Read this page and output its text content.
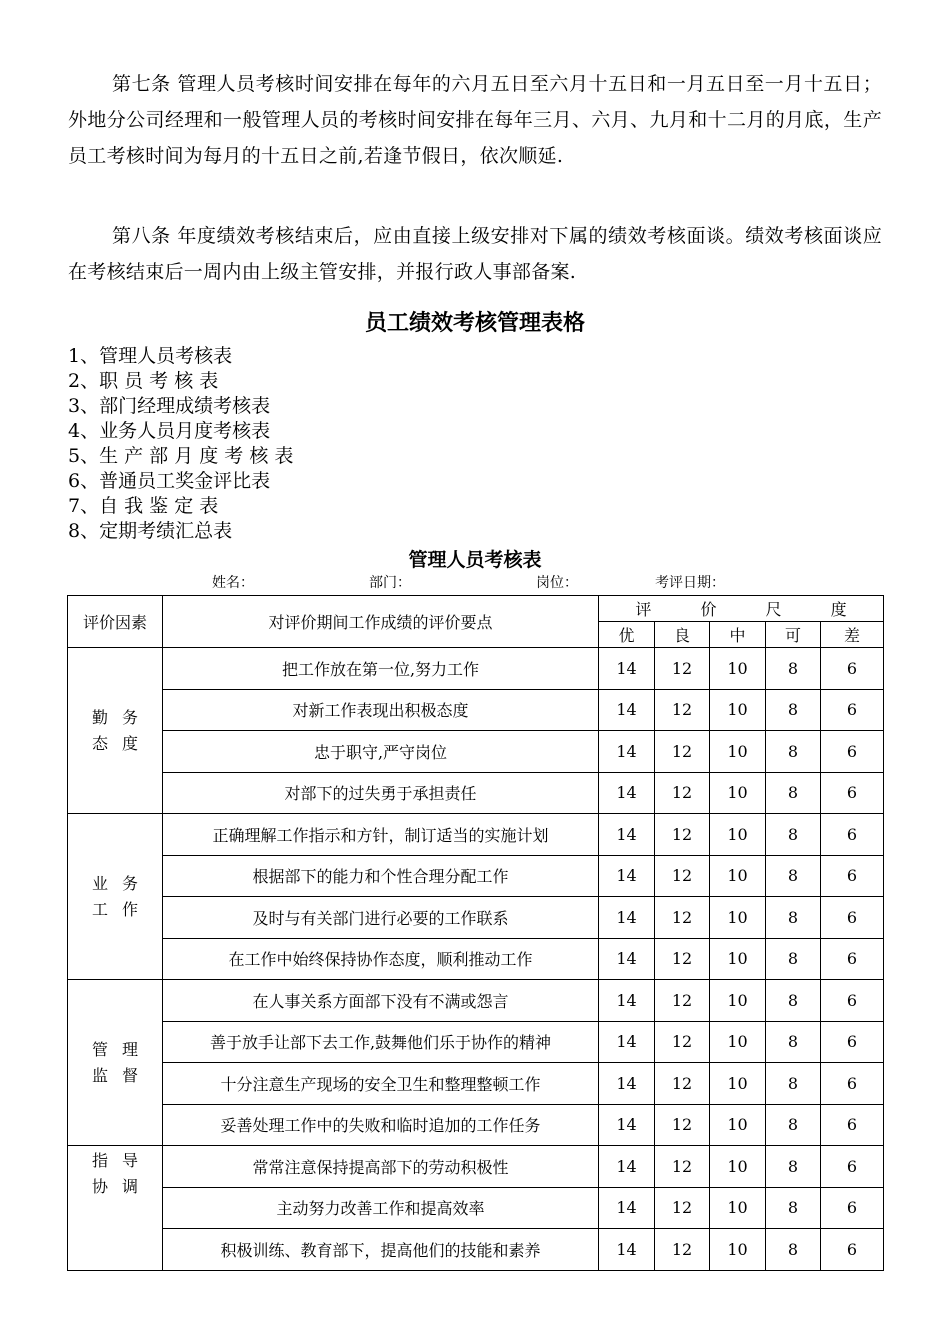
第七条 管理人员考核时间安排在每年的六月五日至六月十五日和一月五日至一月十五日；外地分公司经理和一般管理人员的考核时间安排在每年三月、六月、九月和十二月的月底，生产员工考核时间为每月的十五日之前,若逢节假日，依次顺延.

第八条 年度绩效考核结束后，应由直接上级安排对下属的绩效考核面谈。绩效考核面谈应在考核结束后一周内由上级主管安排，并报行政人事部备案.

员工绩效考核管理表格
1、管理人员考核表
2、职 员 考 核 表
3、部门经理成绩考核表
4、业务人员月度考核表
5、生 产 部 月 度 考 核 表
6、普通员工奖金评比表
7、自 我 鉴 定 表
8、定期考绩汇总表
管理人员考核表
姓名：	部门：	岗位：	考评日期：
评价因素	对评价期间工作成绩的评价要点	评 价 尺 度				
		优	良	中	可	差

勤务
态度	把工作放在第一位,努力工作	14	12	10	8	6
	对新工作表现出积极态度	14	12	10	8	6
	忠于职守,严守岗位	14	12	10	8	6
	对部下的过失勇于承担责任	14	12	10	8	6

业务
工作	正确理解工作指示和方针，制订适当的实施计划	14	12	10	8	6
	根据部下的能力和个性合理分配工作	14	12	10	8	6
	及时与有关部门进行必要的工作联系	14	12	10	8	6
	在工作中始终保持协作态度，顺利推动工作	14	12	10	8	6

管理
监督	在人事关系方面部下没有不满或怨言	14	12	10	8	6
	善于放手让部下去工作,鼓舞他们乐于协作的精神	14	12	10	8	6
	十分注意生产现场的安全卫生和整理整顿工作	14	12	10	8	6
	妥善处理工作中的失败和临时追加的工作任务	14	12	10	8	6

指导
协调	常常注意保持提高部下的劳动积极性	14	12	10	8	6
	主动努力改善工作和提高效率	14	12	10	8	6
	积极训练、教育部下，提高他们的技能和素养	14	12	10	8	6
